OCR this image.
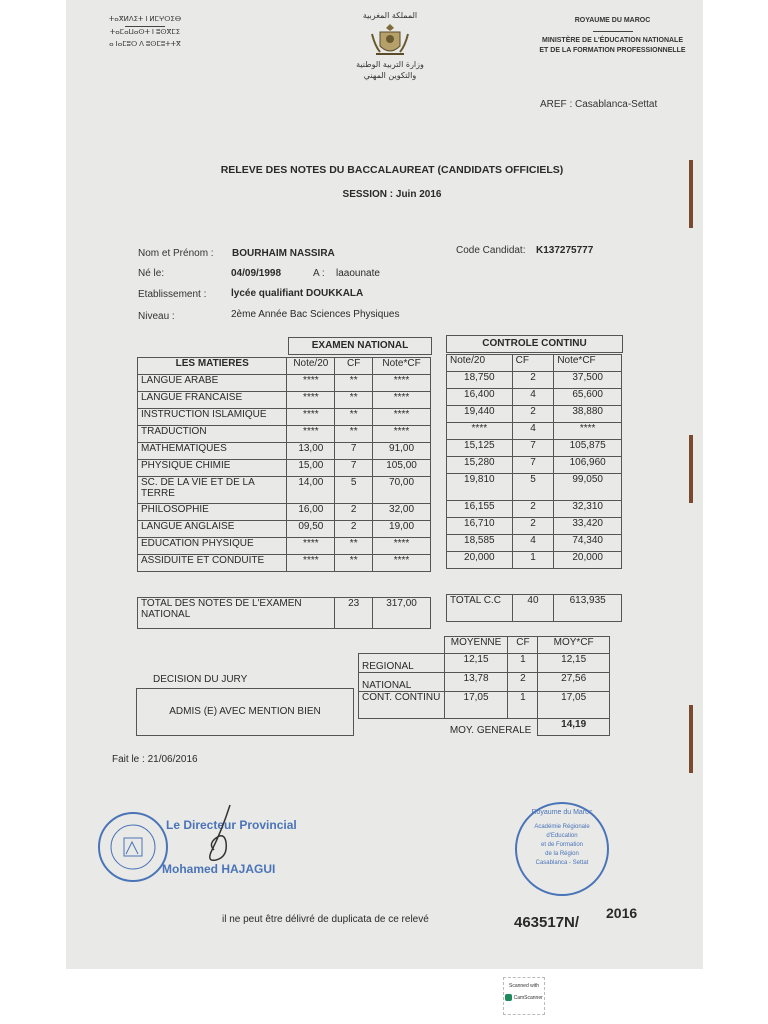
ⵜⴰⴳⵍⴷⵉⵜ ⵏ ⵍⵎⵖⵔⵉⴱ
ⵜⴰⵎⴰⵡⴰⵙⵜ ⵏ ⵓⵙⴳⵎⵉ
ⴰ ⵏⴰⵎⵓⵔ ⴷ ⵓⵙⵎⵓⵜⵜⴳ
المملكة المغربية
وزارة التربية الوطنية
والتكوين المهني
ROYAUME DU MAROC
MINISTÈRE DE L'ÉDUCATION NATIONALE
ET DE LA FORMATION PROFESSIONNELLE
AREF : Casablanca-Settat
RELEVE DES NOTES DU BACCALAUREAT (CANDIDATS OFFICIELS)
SESSION : Juin 2016
Nom et Prénom : BOURHAIM NASSIRA	Code Candidat: K137275777
Né le:	04/09/1998	A : laaounate
Etablissement : lycée qualifiant DOUKKALA
Niveau :	2ème Année Bac Sciences Physiques
EXAMEN NATIONAL
LES MATIERES	Note/20	CF	Note*CF
LANGUE ARABE	****	**	****
LANGUE FRANCAISE	****	**	****
INSTRUCTION ISLAMIQUE	****	**	****
TRADUCTION	****	**	****
MATHEMATIQUES	13,00	7	91,00
PHYSIQUE CHIMIE	15,00	7	105,00
SC. DE LA VIE ET DE LA TERRE	14,00	5	70,00
PHILOSOPHIE	16,00	2	32,00
LANGUE ANGLAISE	09,50	2	19,00
EDUCATION PHYSIQUE	****	**	****
ASSIDUITE ET CONDUITE	****	**	****
TOTAL DES NOTES DE L'EXAMEN NATIONAL	23	317,00
CONTROLE CONTINU
Note/20	CF	Note*CF
18,750	2	37,500
16,400	4	65,600
19,440	2	38,880
****	4	****
15,125	7	105,875
15,280	7	106,960
19,810	5	99,050
16,155	2	32,310
16,710	2	33,420
18,585	4	74,340
20,000	1	20,000
TOTAL C.C	40	613,935
	MOYENNE	CF	MOY*CF
REGIONAL	12,15	1	12,15
NATIONAL	13,78	2	27,56
CONT. CONTINU	17,05	1	17,05
MOY. GENERALE			14,19
DECISION DU JURY
ADMIS (E) AVEC MENTION BIEN
Fait le : 21/06/2016
Le Directeur Provincial
Mohamed HAJAGUI
Royaume du Maroc
Académie Régionale
d'Education
et de Formation
de la Région
Casablanca - Settat
il ne peut être délivré de duplicata de ce relevé	463517N/
2016
Scanned with
CamScanner
